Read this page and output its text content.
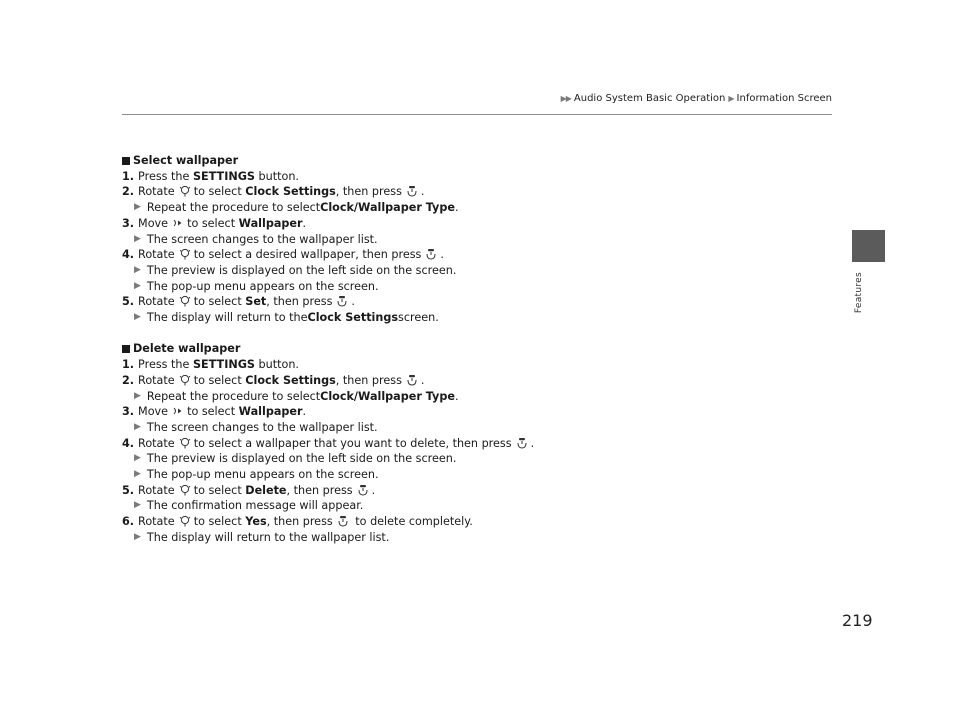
▶▶ Audio System Basic Operation ▶ Information Screen
Features
Select wallpaper
1. Press the SETTINGS button.
2. Rotate to select Clock Settings, then press .
▶ Repeat the procedure to select Clock/Wallpaper Type .
3. Move to select Wallpaper.
▶ The screen changes to the wallpaper list.
4. Rotate to select a desired wallpaper, then press .
▶ The preview is displayed on the left side on the screen.
▶ The pop-up menu appears on the screen.
5. Rotate to select Set, then press .
▶ The display will return to the Clock Settings screen.
Delete wallpaper
1. Press the SETTINGS button.
2. Rotate to select Clock Settings, then press .
▶ Repeat the procedure to select Clock/Wallpaper Type .
3. Move to select Wallpaper.
▶ The screen changes to the wallpaper list.
4. Rotate to select a wallpaper that you want to delete, then press .
▶ The preview is displayed on the left side on the screen.
▶ The pop-up menu appears on the screen.
5. Rotate to select Delete, then press .
▶ The confirmation message will appear.
6. Rotate to select Yes, then press
to delete completely.
▶ The display will return to the wallpaper list.
219
